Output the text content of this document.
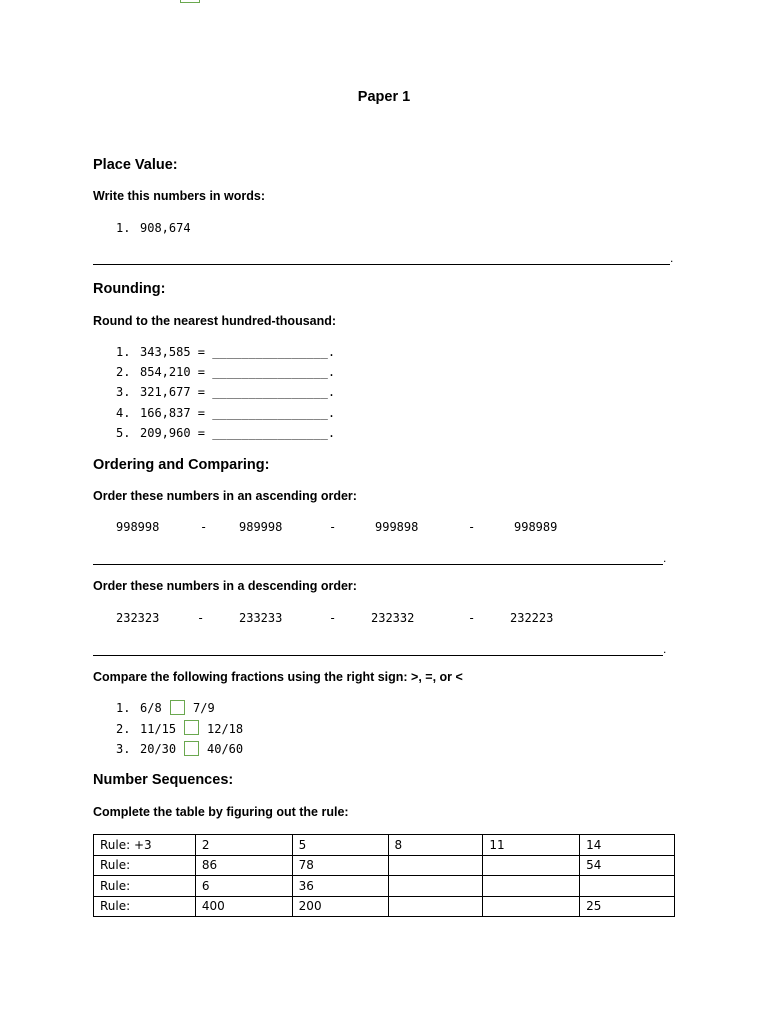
Paper 1
Place Value:
Write this numbers in words:
1. 908,674
.
Rounding:
Round to the nearest hundred-thousand:
1. 343,585 = ________________.
2. 854,210 = ________________.
3. 321,677 = ________________.
4. 166,837 = ________________.
5. 209,960 = ________________.
Ordering and Comparing:
Order these numbers in an ascending order:
998998	-	989998	-	999898	-	998989
.
Order these numbers in a descending order:
232323	-	233233	-	232332	-	232223
.
Compare the following fractions using the right sign: >, =, or <
1. 6/8	7/9
2. 11/15	12/18
3. 20/30	40/60
Number Sequences:
Complete the table by figuring out the rule:
Rule: +3	2	5	8	11	14
Rule:	86	78			54
Rule:	6	36			
Rule:	400	200			25
